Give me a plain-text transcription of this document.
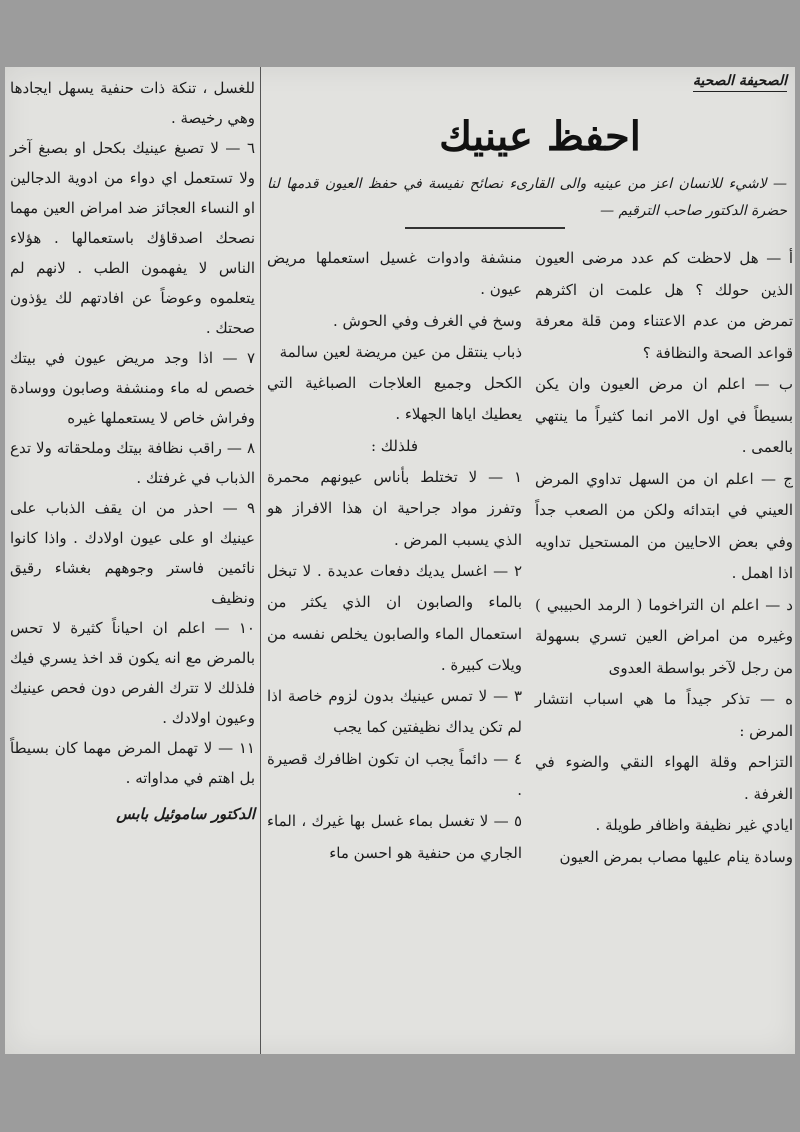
للغسل ، تنكة ذات حنفية يسهل ايجادها وهي رخيصة .

٦ — لا تصبغ عينيك بكحل او بصبغ آخر ولا تستعمل اي دواء من ادوية الدجالين او النساء العجائز ضد امراض العين مهما نصحك اصدقاؤك باستعمالها . هؤلاء الناس لا يفهمون الطب . لانهم لم يتعلموه وعوضاً عن افادتهم لك يؤذون صحتك .

٧ — اذا وجد مريض عيون في بيتك خصص له ماء ومنشفة وصابون ووسادة وفراش خاص لا يستعملها غيره

٨ — راقب نظافة بيتك وملحقاته ولا تدع الذباب في غرفتك .

٩ — احذر من ان يقف الذباب على عينيك او على عيون اولادك . واذا كانوا نائمين فاستر وجوههم بغشاء رقيق ونظيف

١٠ — اعلم ان احياناً كثيرة لا تحس بالمرض مع انه يكون قد اخذ يسري فيك فلذلك لا تترك الفرص دون فحص عينيك وعيون اولادك .

١١ — لا تهمل المرض مهما كان بسيطاً بل اهتم في مداواته .

الدكتور ساموئيل بابس

الصحيفة الصحية
احفظ عينيك
— لاشيء للانسان اعز من عينيه والى القارىء نصائح نفيسة في حفظ العيون قدمها لنا حضرة الدكتور صاحب الترقيم —

منشفة وادوات غسيل استعملها مريض عيون .

وسخ في الغرف وفي الحوش .

ذباب ينتقل من عين مريضة لعين سالمة

الكحل وجميع العلاجات الصباغية التي يعطيك اياها الجهلاء .

فلذلك :

١ — لا تختلط بأناس عيونهم محمرة وتفرز مواد جراحية ان هذا الافراز هو الذي يسبب المرض .

٢ — اغسل يديك دفعات عديدة . لا تبخل بالماء والصابون ان الذي يكثر من استعمال الماء والصابون يخلص نفسه من ويلات كبيرة .

٣ — لا تمس عينيك بدون لزوم خاصة اذا لم تكن يداك نظيفتين كما يجب

٤ — دائماً يجب ان تكون اظافرك قصيرة .

٥ — لا تغسل بماء غسل بها غيرك ، الماء الجاري من حنفية هو احسن ماء

أ — هل لاحظت كم عدد مرضى العيون الذين حولك ؟ هل علمت ان اكثرهم تمرض من عدم الاعتناء ومن قلة معرفة قواعد الصحة والنظافة ؟

ب — اعلم ان مرض العيون وان يكن بسيطاً في اول الامر انما كثيراً ما ينتهي بالعمى .

ج — اعلم ان من السهل تداوي المرض العيني في ابتدائه ولكن من الصعب جداً وفي بعض الاحايين من المستحيل تداويه اذا اهمل .

د — اعلم ان التراخوما ( الرمد الحبيبي ) وغيره من امراض العين تسري بسهولة من رجل لآخر بواسطة العدوى

ه — تذكر جيداً ما هي اسباب انتشار المرض :

التزاحم وقلة الهواء النقي والضوء في الغرفة .

ايادي غير نظيفة واظافر طويلة .

وسادة ينام عليها مصاب بمرض العيون
